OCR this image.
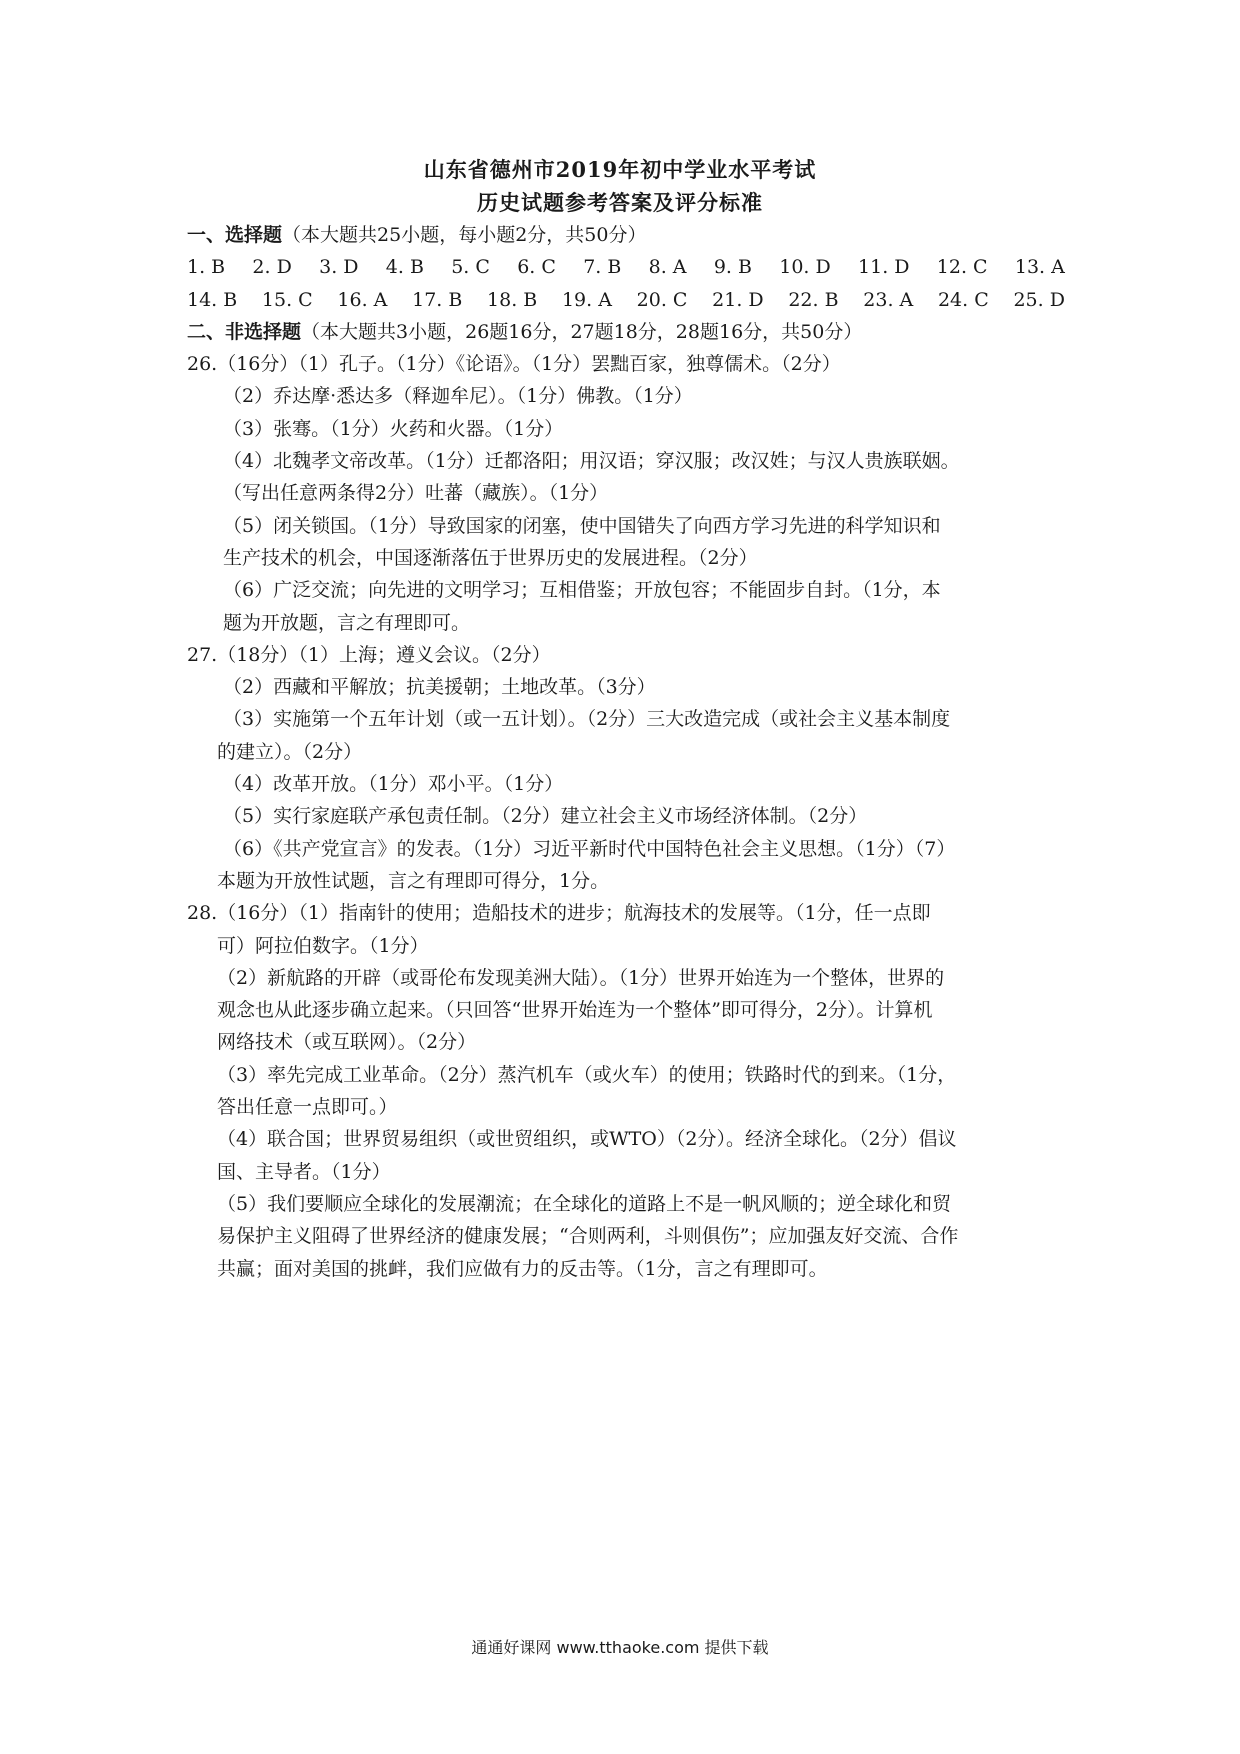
山东省德州市2019年初中学业水平考试
历史试题参考答案及评分标准
一、选择题（本大题共25小题，每小题2分，共50分）
1. B 2. D 3. D 4. B 5. C 6. C 7. B 8. A 9. B 10. D 11. D 12. C 13. A
14. B 15. C 16. A 17. B 18. B 19. A 20. C 21. D 22. B 23. A 24. C 25. D
二、非选择题（本大题共3小题，26题16分，27题18分，28题16分，共50分）
26.（16分）（1）孔子。（1分）《论语》。（1分）罢黜百家，独尊儒术。（2分）
（2）乔达摩·悉达多（释迦牟尼）。（1分）佛教。（1分）
（3）张骞。（1分）火药和火器。（1分）
（4）北魏孝文帝改革。（1分）迁都洛阳；用汉语；穿汉服；改汉姓；与汉人贵族联姻。
（写出任意两条得2分）吐蕃（藏族）。（1分）
（5）闭关锁国。（1分）导致国家的闭塞，使中国错失了向西方学习先进的科学知识和
生产技术的机会，中国逐渐落伍于世界历史的发展进程。（2分）
（6）广泛交流；向先进的文明学习；互相借鉴；开放包容；不能固步自封。（1分，本
题为开放题，言之有理即可。
27.（18分）（1）上海；遵义会议。（2分）
（2）西藏和平解放；抗美援朝；土地改革。（3分）
（3）实施第一个五年计划（或一五计划）。（2分）三大改造完成（或社会主义基本制度
的建立）。（2分）
（4）改革开放。（1分）邓小平。（1分）
（5）实行家庭联产承包责任制。（2分）建立社会主义市场经济体制。（2分）
（6）《共产党宣言》的发表。（1分）习近平新时代中国特色社会主义思想。（1分）（7）
本题为开放性试题，言之有理即可得分，1分。
28.（16分）（1）指南针的使用；造船技术的进步；航海技术的发展等。（1分，任一点即
可）阿拉伯数字。（1分）
（2）新航路的开辟（或哥伦布发现美洲大陆）。（1分）世界开始连为一个整体，世界的
观念也从此逐步确立起来。（只回答“世界开始连为一个整体”即可得分，2分）。计算机
网络技术（或互联网）。（2分）
（3）率先完成工业革命。（2分）蒸汽机车（或火车）的使用；铁路时代的到来。（1分，
答出任意一点即可。）
（4）联合国；世界贸易组织（或世贸组织，或WTO）（2分）。经济全球化。（2分）倡议
国、主导者。（1分）
（5）我们要顺应全球化的发展潮流；在全球化的道路上不是一帆风顺的；逆全球化和贸
易保护主义阻碍了世界经济的健康发展；“合则两利，斗则俱伤”；应加强友好交流、合作
共赢；面对美国的挑衅，我们应做有力的反击等。（1分，言之有理即可。
通通好课网 www.tthaoke.com 提供下载
